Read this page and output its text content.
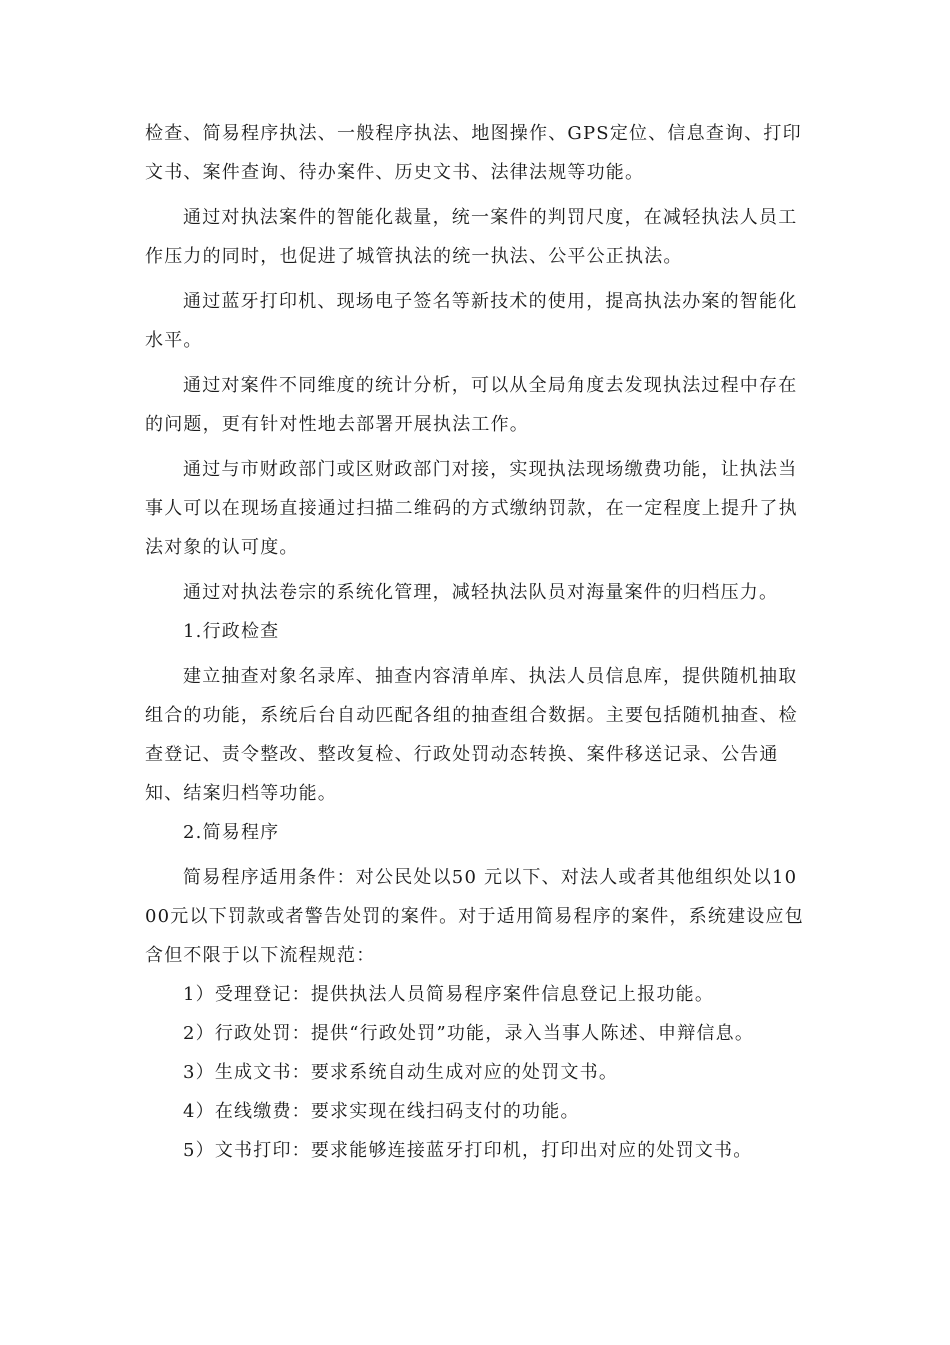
检查、简易程序执法、一般程序执法、地图操作、GPS定位、信息查询、打印文书、案件查询、待办案件、历史文书、法律法规等功能。

通过对执法案件的智能化裁量，统一案件的判罚尺度，在减轻执法人员工作压力的同时，也促进了城管执法的统一执法、公平公正执法。

通过蓝牙打印机、现场电子签名等新技术的使用，提高执法办案的智能化水平。

通过对案件不同维度的统计分析，可以从全局角度去发现执法过程中存在的问题，更有针对性地去部署开展执法工作。

通过与市财政部门或区财政部门对接，实现执法现场缴费功能，让执法当事人可以在现场直接通过扫描二维码的方式缴纳罚款，在一定程度上提升了执法对象的认可度。

通过对执法卷宗的系统化管理，减轻执法队员对海量案件的归档压力。

1.行政检查

建立抽查对象名录库、抽查内容清单库、执法人员信息库，提供随机抽取组合的功能，系统后台自动匹配各组的抽查组合数据。主要包括随机抽查、检查登记、责令整改、整改复检、行政处罚动态转换、案件移送记录、公告通知、结案归档等功能。

2.简易程序

简易程序适用条件：对公民处以50 元以下、对法人或者其他组织处以1000元以下罚款或者警告处罚的案件。对于适用简易程序的案件，系统建设应包含但不限于以下流程规范：

1）受理登记：提供执法人员简易程序案件信息登记上报功能。

2）行政处罚：提供“行政处罚”功能，录入当事人陈述、申辩信息。

3）生成文书：要求系统自动生成对应的处罚文书。

4）在线缴费：要求实现在线扫码支付的功能。

5）文书打印：要求能够连接蓝牙打印机，打印出对应的处罚文书。
